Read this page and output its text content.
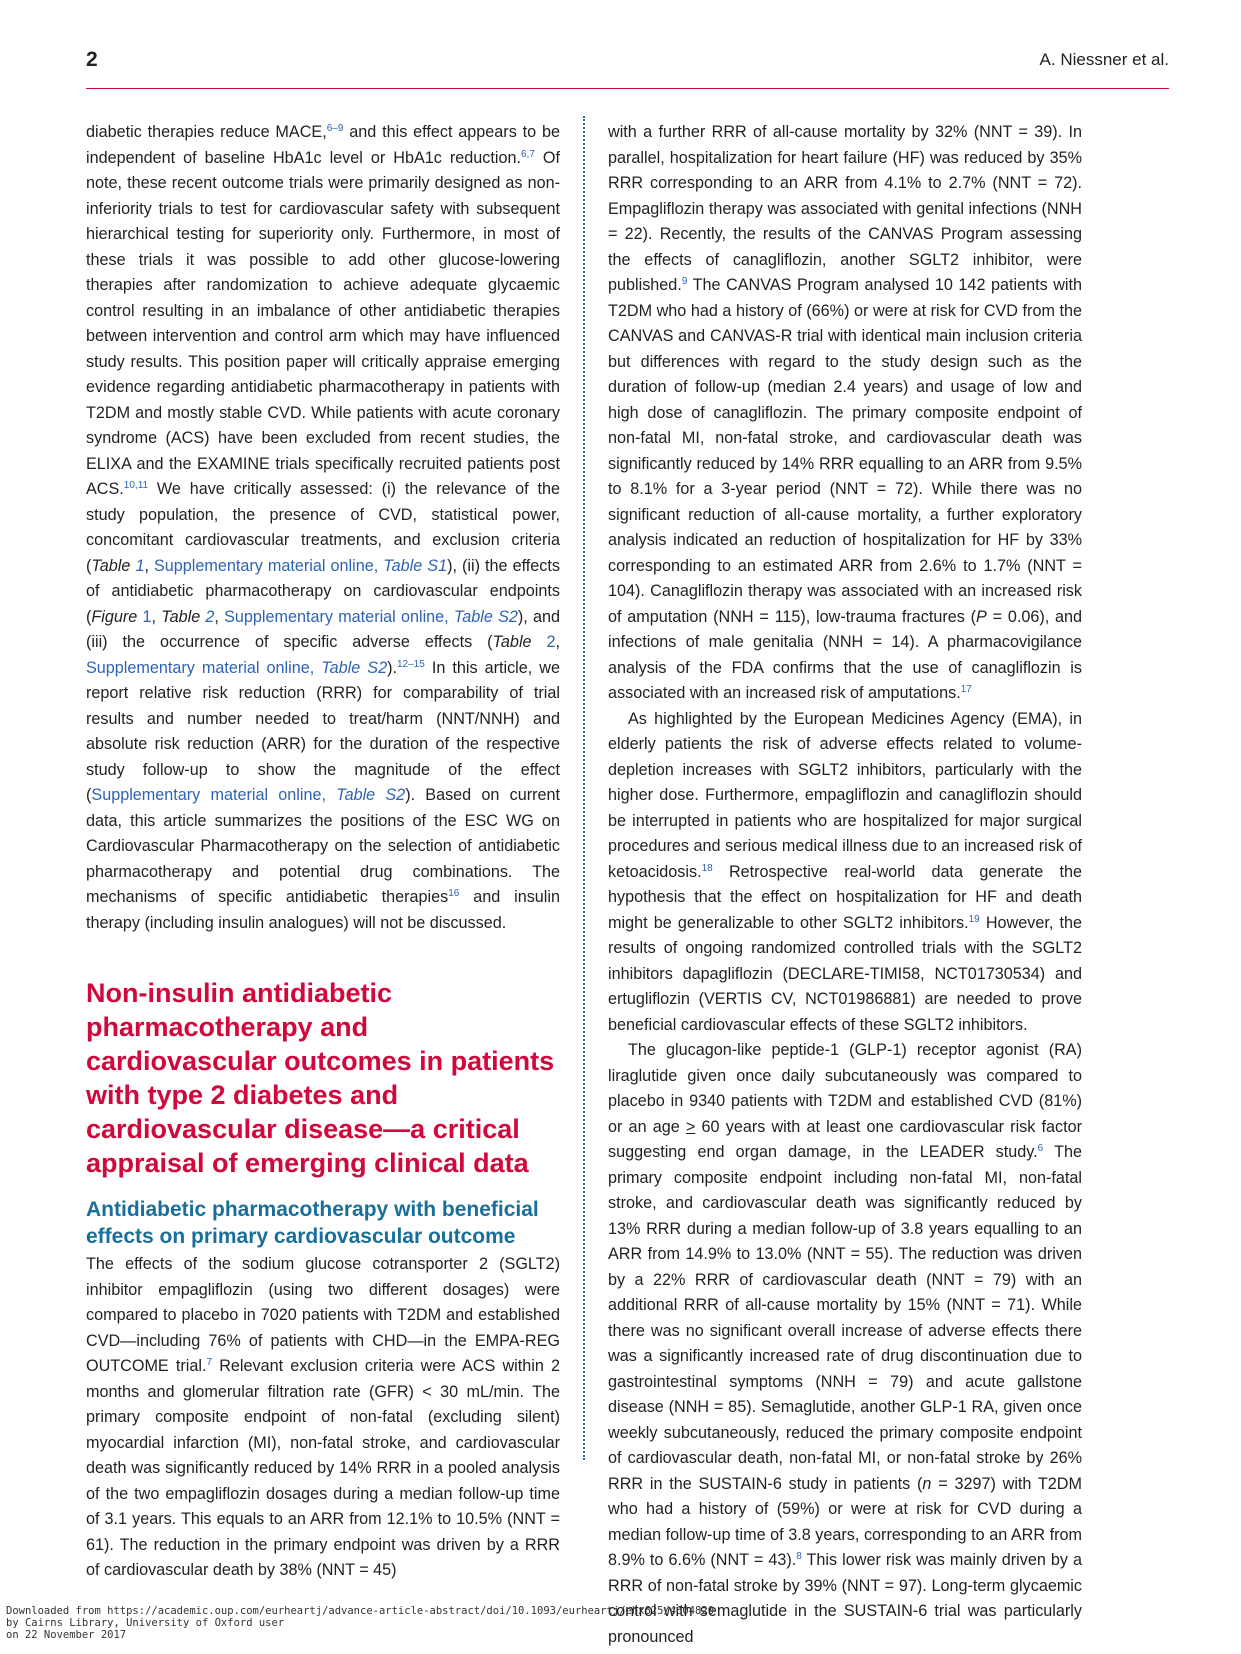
2	A. Niessner et al.

diabetic therapies reduce MACE,$^{6-9}$ and this effect appears to be independent of baseline HbA1c level or HbA1c reduction.$^{6,7}$ Of note, these recent outcome trials were primarily designed as non-inferiority trials to test for cardiovascular safety with subsequent hierarchical testing for superiority only. Furthermore, in most of these trials it was possible to add other glucose-lowering therapies after randomization to achieve adequate glycaemic control resulting in an imbalance of other antidiabetic therapies between intervention and control arm which may have influenced study results. This position paper will critically appraise emerging evidence regarding antidiabetic pharmacotherapy in patients with T2DM and mostly stable CVD. While patients with acute coronary syndrome (ACS) have been excluded from recent studies, the ELIXA and the EXAMINE trials specifically recruited patients post ACS.$^{10,11}$ We have critically assessed: (i) the relevance of the study population, the presence of CVD, statistical power, concomitant cardiovascular treatments, and exclusion criteria (Table 1, Supplementary material online, Table S1), (ii) the effects of antidiabetic pharmacotherapy on cardiovascular endpoints (Figure 1, Table 2, Supplementary material online, Table S2), and (iii) the occurrence of specific adverse effects (Table 2, Supplementary material online, Table S2).$^{12-15}$ In this article, we report relative risk reduction (RRR) for comparability of trial results and number needed to treat/harm (NNT/NNH) and absolute risk reduction (ARR) for the duration of the respective study follow-up to show the magnitude of the effect (Supplementary material online, Table S2). Based on current data, this article summarizes the positions of the ESC WG on Cardiovascular Pharmacotherapy on the selection of antidiabetic pharmacotherapy and potential drug combinations. The mechanisms of specific antidiabetic therapies$^{16}$ and insulin therapy (including insulin analogues) will not be discussed.

Non-insulin antidiabetic pharmacotherapy and cardiovascular outcomes in patients with type 2 diabetes and cardiovascular disease—a critical appraisal of emerging clinical data
Antidiabetic pharmacotherapy with beneficial effects on primary cardiovascular outcome

The effects of the sodium glucose cotransporter 2 (SGLT2) inhibitor empagliflozin (using two different dosages) were compared to placebo in 7020 patients with T2DM and established CVD—including 76% of patients with CHD—in the EMPA-REG OUTCOME trial.$^7$ Relevant exclusion criteria were ACS within 2 months and glomerular filtration rate (GFR) < 30 mL/min. The primary composite endpoint of non-fatal (excluding silent) myocardial infarction (MI), non-fatal stroke, and cardiovascular death was significantly reduced by 14% RRR in a pooled analysis of the two empagliflozin dosages during a median follow-up time of 3.1 years. This equals to an ARR from 12.1% to 10.5% (NNT = 61). The reduction in the primary endpoint was driven by a RRR of cardiovascular death by 38% (NNT = 45)

with a further RRR of all-cause mortality by 32% (NNT = 39). In parallel, hospitalization for heart failure (HF) was reduced by 35% RRR corresponding to an ARR from 4.1% to 2.7% (NNT = 72). Empagliflozin therapy was associated with genital infections (NNH = 22). Recently, the results of the CANVAS Program assessing the effects of canagliflozin, another SGLT2 inhibitor, were published.$^9$ The CANVAS Program analysed 10 142 patients with T2DM who had a history of (66%) or were at risk for CVD from the CANVAS and CANVAS-R trial with identical main inclusion criteria but differences with regard to the study design such as the duration of follow-up (median 2.4 years) and usage of low and high dose of canagliflozin. The primary composite endpoint of non-fatal MI, non-fatal stroke, and cardiovascular death was significantly reduced by 14% RRR equalling to an ARR from 9.5% to 8.1% for a 3-year period (NNT = 72). While there was no significant reduction of all-cause mortality, a further exploratory analysis indicated an reduction of hospitalization for HF by 33% corresponding to an estimated ARR from 2.6% to 1.7% (NNT = 104). Canagliflozin therapy was associated with an increased risk of amputation (NNH = 115), low-trauma fractures (P = 0.06), and infections of male genitalia (NNH = 14). A pharmacovigilance analysis of the FDA confirms that the use of canagliflozin is associated with an increased risk of amputations.$^{17}$

As highlighted by the European Medicines Agency (EMA), in elderly patients the risk of adverse effects related to volume-depletion increases with SGLT2 inhibitors, particularly with the higher dose. Furthermore, empagliflozin and canagliflozin should be interrupted in patients who are hospitalized for major surgical procedures and serious medical illness due to an increased risk of ketoacidosis.$^{18}$ Retrospective real-world data generate the hypothesis that the effect on hospitalization for HF and death might be generalizable to other SGLT2 inhibitors.$^{19}$ However, the results of ongoing randomized controlled trials with the SGLT2 inhibitors dapagliflozin (DECLARE-TIMI58, NCT01730534) and ertugliflozin (VERTIS CV, NCT01986881) are needed to prove beneficial cardiovascular effects of these SGLT2 inhibitors.

The glucagon-like peptide-1 (GLP-1) receptor agonist (RA) liraglutide given once daily subcutaneously was compared to placebo in 9340 patients with T2DM and established CVD (81%) or an age > 60 years with at least one cardiovascular risk factor suggesting end organ damage, in the LEADER study.$^6$ The primary composite endpoint including non-fatal MI, non-fatal stroke, and cardiovascular death was significantly reduced by 13% RRR during a median follow-up of 3.8 years equalling to an ARR from 14.9% to 13.0% (NNT = 55). The reduction was driven by a 22% RRR of cardiovascular death (NNT = 79) with an additional RRR of all-cause mortality by 15% (NNT = 71). While there was no significant overall increase of adverse effects there was a significantly increased rate of drug discontinuation due to gastrointestinal symptoms (NNH = 79) and acute gallstone disease (NNH = 85). Semaglutide, another GLP-1 RA, given once weekly subcutaneously, reduced the primary composite endpoint of cardiovascular death, non-fatal MI, or non-fatal stroke by 26% RRR in the SUSTAIN-6 study in patients (n = 3297) with T2DM who had a history of (59%) or were at risk for CVD during a median follow-up time of 3.8 years, corresponding to an ARR from 8.9% to 6.6% (NNT = 43).$^8$ This lower risk was mainly driven by a RRR of non-fatal stroke by 39% (NNT = 97). Long-term glycaemic control with semaglutide in the SUSTAIN-6 trial was particularly pronounced

Downloaded from https://academic.oup.com/eurheartj/advance-article-abstract/doi/10.1093/eurheartj/ehx625/4604820
by Cairns Library, University of Oxford user
on 22 November 2017
